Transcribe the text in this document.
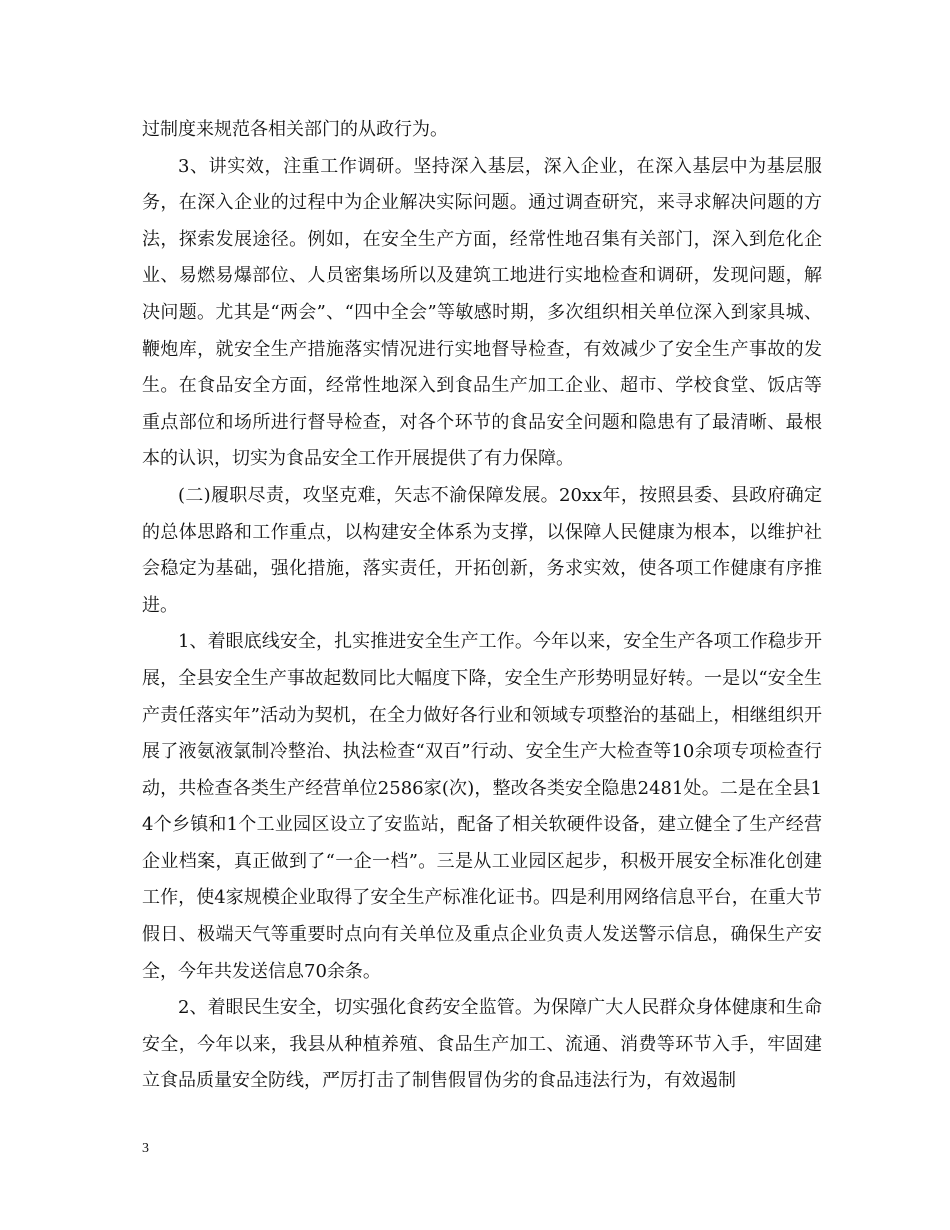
过制度来规范各相关部门的从政行为。

3、讲实效，注重工作调研。坚持深入基层，深入企业，在深入基层中为基层服务，在深入企业的过程中为企业解决实际问题。通过调查研究，来寻求解决问题的方法，探索发展途径。例如，在安全生产方面，经常性地召集有关部门，深入到危化企业、易燃易爆部位、人员密集场所以及建筑工地进行实地检查和调研，发现问题，解决问题。尤其是“两会”、“四中全会”等敏感时期，多次组织相关单位深入到家具城、鞭炮库，就安全生产措施落实情况进行实地督导检查，有效减少了安全生产事故的发生。在食品安全方面，经常性地深入到食品生产加工企业、超市、学校食堂、饭店等重点部位和场所进行督导检查，对各个环节的食品安全问题和隐患有了最清晰、最根本的认识，切实为食品安全工作开展提供了有力保障。

(二)履职尽责，攻坚克难，矢志不渝保障发展。20xx年，按照县委、县政府确定的总体思路和工作重点，以构建安全体系为支撑，以保障人民健康为根本，以维护社会稳定为基础，强化措施，落实责任，开拓创新，务求实效，使各项工作健康有序推进。

1、着眼底线安全，扎实推进安全生产工作。今年以来，安全生产各项工作稳步开展，全县安全生产事故起数同比大幅度下降，安全生产形势明显好转。一是以“安全生产责任落实年”活动为契机，在全力做好各行业和领域专项整治的基础上，相继组织开展了液氨液氯制冷整治、执法检查“双百”行动、安全生产大检查等10余项专项检查行动，共检查各类生产经营单位2586家(次)，整改各类安全隐患2481处。二是在全县14个乡镇和1个工业园区设立了安监站，配备了相关软硬件设备，建立健全了生产经营企业档案，真正做到了“一企一档”。三是从工业园区起步，积极开展安全标准化创建工作，使4家规模企业取得了安全生产标准化证书。四是利用网络信息平台，在重大节假日、极端天气等重要时点向有关单位及重点企业负责人发送警示信息，确保生产安全，今年共发送信息70余条。

2、着眼民生安全，切实强化食药安全监管。为保障广大人民群众身体健康和生命安全，今年以来，我县从种植养殖、食品生产加工、流通、消费等环节入手，牢固建立食品质量安全防线，严厉打击了制售假冒伪劣的食品违法行为，有效遏制

3
